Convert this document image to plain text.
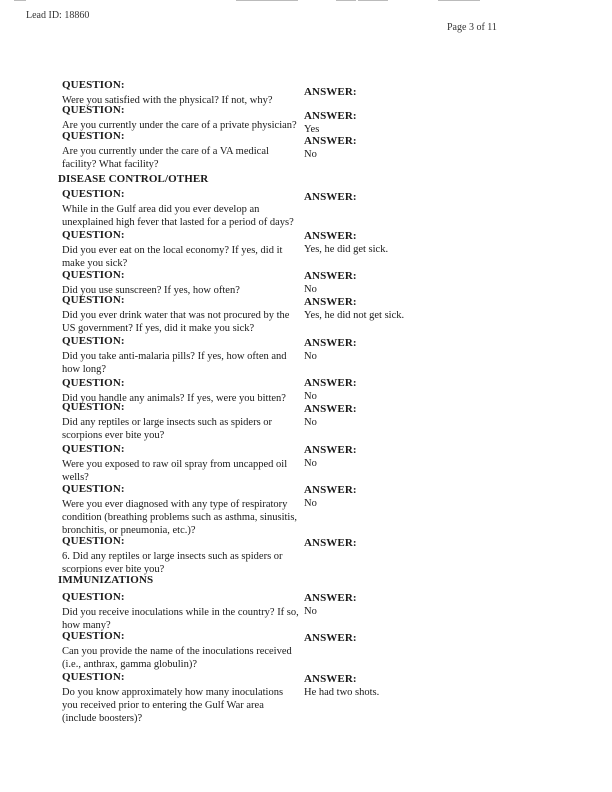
Lead ID: 18860
Page 3 of 11
QUESTION:
Were you satisfied with the physical? If not, why?
ANSWER:
QUESTION:
Are you currently under the care of a private physician?
ANSWER:
Yes
QUESTION:
Are you currently under the care of a VA medical
facility? What facility?
ANSWER:
No
DISEASE CONTROL/OTHER
QUESTION:
While in the Gulf area did you ever develop an
unexplained high fever that lasted for a period of days?
ANSWER:
QUESTION:
Did you ever eat on the local economy? If yes, did it
make you sick?
ANSWER:
Yes, he did get sick.
QUESTION:
Did you use sunscreen? If yes, how often?
ANSWER:
No
QUESTION:
Did you ever drink water that was not procured by the
US government? If yes, did it make you sick?
ANSWER:
Yes, he did not get sick.
QUESTION:
Did you take anti-malaria pills? If yes, how often and
how long?
ANSWER:
No
QUESTION:
Did you handle any animals? If yes, were you bitten?
ANSWER:
No
QUESTION:
Did any reptiles or large insects such as spiders or
scorpions ever bite you?
ANSWER:
No
QUESTION:
Were you exposed to raw oil spray from uncapped oil
wells?
ANSWER:
No
QUESTION:
Were you ever diagnosed with any type of respiratory
condition (breathing problems such as asthma, sinusitis,
bronchitis, or pneumonia, etc.)?
ANSWER:
No
QUESTION:
6. Did any reptiles or large insects such as spiders or
scorpions ever bite you?
ANSWER:
IMMUNIZATIONS
QUESTION:
Did you receive inoculations while in the country? If so,
how many?
ANSWER:
No
QUESTION:
Can you provide the name of the inoculations received
(i.e., anthrax, gamma globulin)?
ANSWER:
QUESTION:
Do you know approximately how many inoculations
you received prior to entering the Gulf War area
(include boosters)?
ANSWER:
He had two shots.
